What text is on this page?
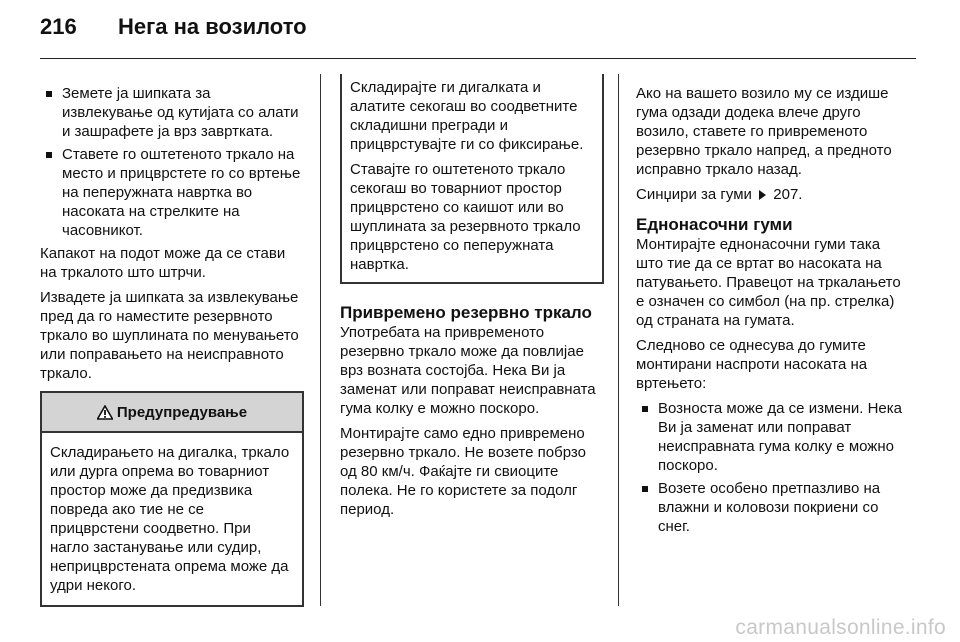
216	Нега на возилото
Земете ја шипката за извлекување од кутијата со алати и зашрафете ја врз завртката.
Ставете го оштетеното тркало на место и прицврстете го со вртење на пеперужната навртка во насоката на стрелките на часовникот.

Капакот на подот може да се стави на тркалото што штрчи.

Извадете ја шипката за извлекување пред да го наместите резервното тркало во шуплината по менувањето или поправањето на неисправното тркало.

Предупредување

Складирањето на дигалка, тркало или дурга опрема во товарниот простор може да предизвика повреда ако тие не се прицврстени соодветно. При нагло застанување или судир, неприцврстената опрема може да удри некого.

Складирајте ги дигалката и алатите секогаш во соодветните складишни прегради и прицврстувајте ги со фиксирање.

Ставајте го оштетеното тркало секогаш во товарниот простор прицврстено со каишот или во шуплината за резервното тркало прицврстено со пеперужната навртка.

Привремено резервно тркало

Употребата на привременото резервно тркало може да повлијае врз возната состојба. Нека Ви ја заменат или поправат неисправната гума колку е можно поскоро.

Монтирајте само едно привремено резервно тркало. Не возете побрзо од 80 км/ч. Фаќајте ги свиоците полека. Не го користете за подолг период.

Ако на вашето возило му се издише гума одзади додека влече друго возило, ставете го привременото резервно тркало напред, а предното исправно тркало назад.

Синџири за гуми 207.

Еднонасочни гуми

Монтирајте еднонасочни гуми така што тие да се вртат во насоката на патувањето. Правецот на тркалањето е означен со симбол (на пр. стрелка) од страната на гумата.

Следново се однесува до гумите монтирани наспроти насоката на вртењето:

Возноста може да се измени. Нека Ви ја заменат или поправат неисправната гума колку е можно поскоро.
Возете особено претпазливо на влажни и коловози покриени со снег.
carmanualsonline.info
